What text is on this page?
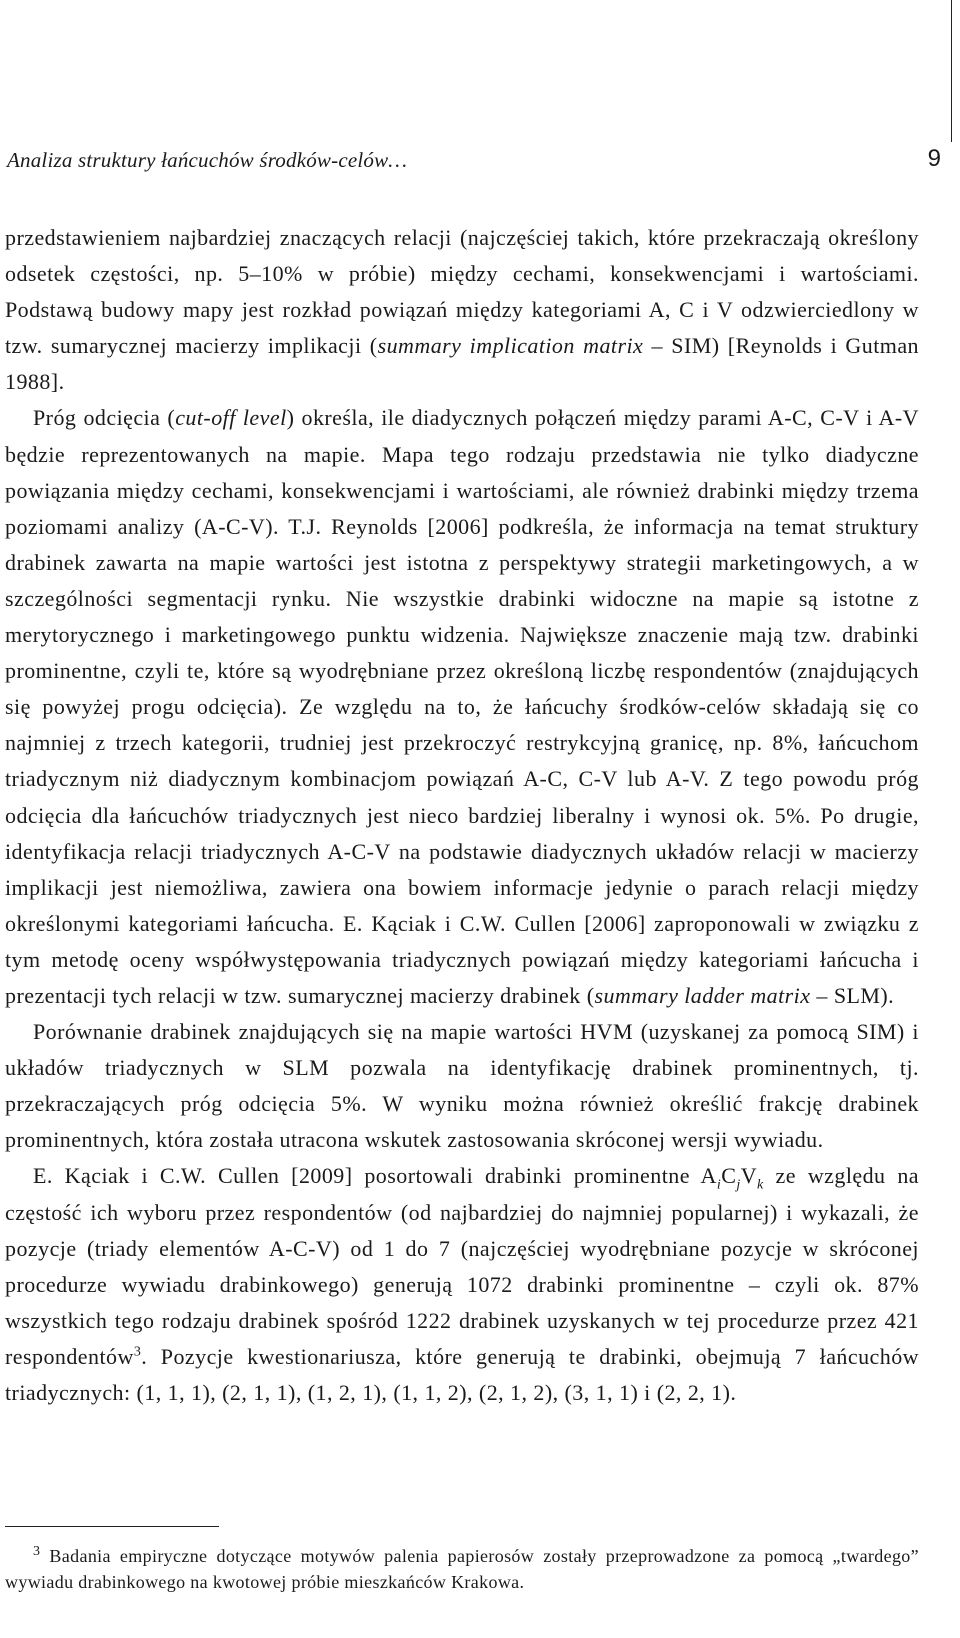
Analiza struktury łańcuchów środków-celów…	9

przedstawieniem najbardziej znaczących relacji (najczęściej takich, które przekraczają określony odsetek częstości, np. 5–10% w próbie) między cechami, konsekwencjami i wartościami. Podstawą budowy mapy jest rozkład powiązań między kategoriami A, C i V odzwierciedlony w tzw. sumarycznej macierzy implikacji (summary implication matrix – SIM) [Reynolds i Gutman 1988].

Próg odcięcia (cut-off level) określa, ile diadycznych połączeń między parami A-C, C-V i A-V będzie reprezentowanych na mapie. Mapa tego rodzaju przedstawia nie tylko diadyczne powiązania między cechami, konsekwencjami i wartościami, ale również drabinki między trzema poziomami analizy (A-C-V). T.J. Reynolds [2006] podkreśla, że informacja na temat struktury drabinek zawarta na mapie wartości jest istotna z perspektywy strategii marketingowych, a w szczególności segmentacji rynku. Nie wszystkie drabinki widoczne na mapie są istotne z merytorycznego i marketingowego punktu widzenia. Największe znaczenie mają tzw. drabinki prominentne, czyli te, które są wyodrębniane przez określoną liczbę respondentów (znajdujących się powyżej progu odcięcia). Ze względu na to, że łańcuchy środków-celów składają się co najmniej z trzech kategorii, trudniej jest przekroczyć restrykcyjną granicę, np. 8%, łańcuchom triadycznym niż diadycznym kombinacjom powiązań A-C, C-V lub A-V. Z tego powodu próg odcięcia dla łańcuchów triadycznych jest nieco bardziej liberalny i wynosi ok. 5%. Po drugie, identyfikacja relacji triadycznych A-C-V na podstawie diadycznych układów relacji w macierzy implikacji jest niemożliwa, zawiera ona bowiem informacje jedynie o parach relacji między określonymi kategoriami łańcucha. E. Kąciak i C.W. Cullen [2006] zaproponowali w związku z tym metodę oceny współwystępowania triadycznych powiązań między kategoriami łańcucha i prezentacji tych relacji w tzw. sumarycznej macierzy drabinek (summary ladder matrix – SLM).

Porównanie drabinek znajdujących się na mapie wartości HVM (uzyskanej za pomocą SIM) i układów triadycznych w SLM pozwala na identyfikację drabinek prominentnych, tj. przekraczających próg odcięcia 5%. W wyniku można również określić frakcję drabinek prominentnych, która została utracona wskutek zastosowania skróconej wersji wywiadu.

E. Kąciak i C.W. Cullen [2009] posortowali drabinki prominentne $A_iC_jV_k$ ze względu na częstość ich wyboru przez respondentów (od najbardziej do najmniej popularnej) i wykazali, że pozycje (triady elementów A-C-V) od 1 do 7 (najczęściej wyodrębniane pozycje w skróconej procedurze wywiadu drabinkowego) generują 1072 drabinki prominentne – czyli ok. 87% wszystkich tego rodzaju drabinek spośród 1222 drabinek uzyskanych w tej procedurze przez 421 respondentów$^3$. Pozycje kwestionariusza, które generują te drabinki, obejmują 7 łańcuchów triadycznych: (1, 1, 1), (2, 1, 1), (1, 2, 1), (1, 1, 2), (2, 1, 2), (3, 1, 1) i (2, 2, 1).

$^3$ Badania empiryczne dotyczące motywów palenia papierosów zostały przeprowadzone za pomocą „twardego” wywiadu drabinkowego na kwotowej próbie mieszkańców Krakowa.
